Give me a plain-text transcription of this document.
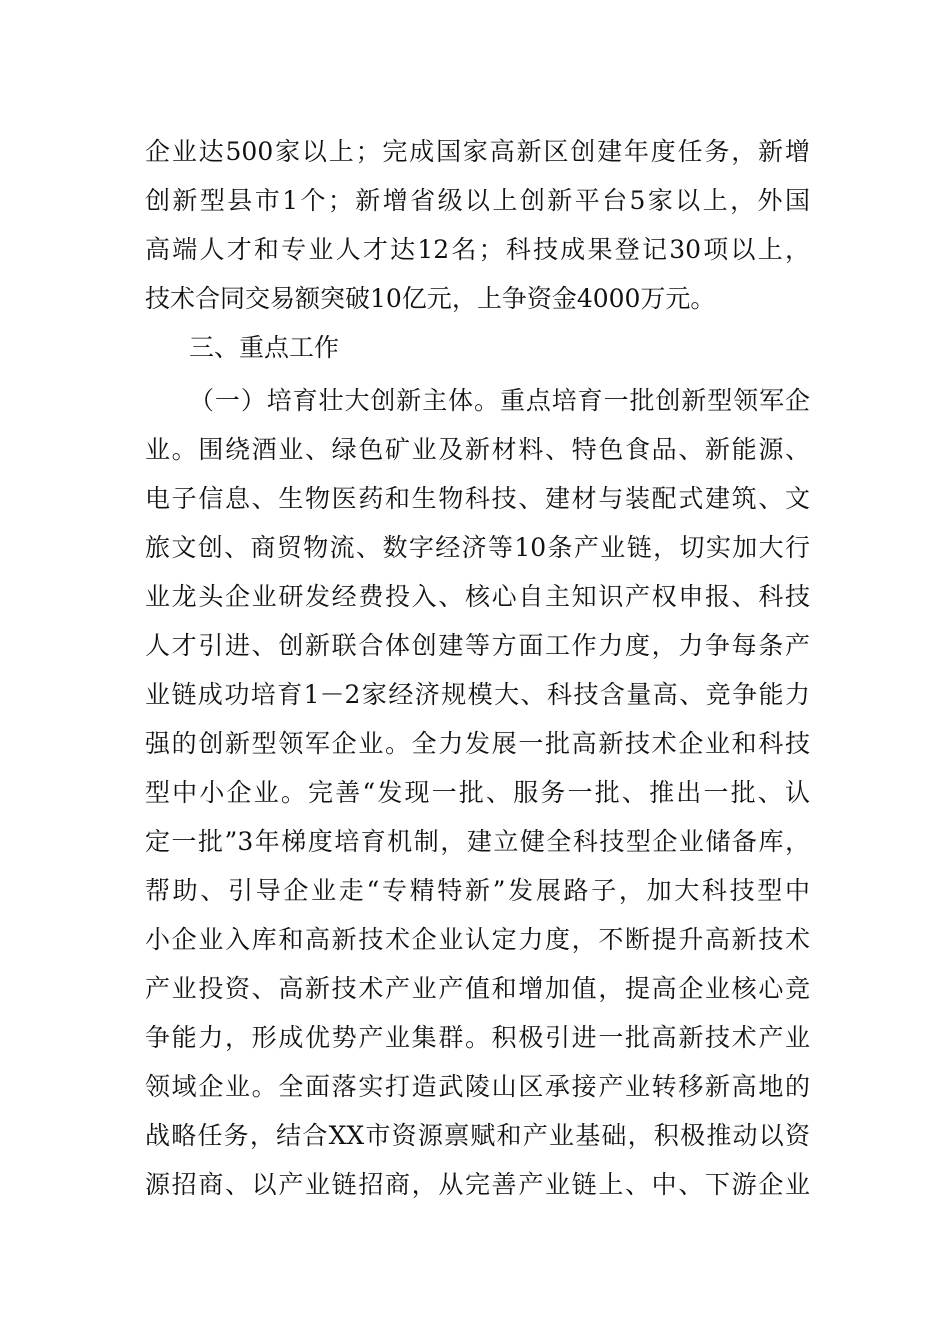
企业达500家以上；完成国家高新区创建年度任务，新增
创新型县市1个；新增省级以上创新平台5家以上，外国
高端人才和专业人才达12名；科技成果登记30项以上，
技术合同交易额突破10亿元，上争资金4000万元。
三、重点工作
（一）培育壮大创新主体。重点培育一批创新型领军企
业。围绕酒业、绿色矿业及新材料、特色食品、新能源、
电子信息、生物医药和生物科技、建材与装配式建筑、文
旅文创、商贸物流、数字经济等10条产业链，切实加大行
业龙头企业研发经费投入、核心自主知识产权申报、科技
人才引进、创新联合体创建等方面工作力度，力争每条产
业链成功培育1－2家经济规模大、科技含量高、竞争能力
强的创新型领军企业。全力发展一批高新技术企业和科技
型中小企业。完善“发现一批、服务一批、推出一批、认
定一批”3年梯度培育机制，建立健全科技型企业储备库，
帮助、引导企业走“专精特新”发展路子，加大科技型中
小企业入库和高新技术企业认定力度，不断提升高新技术
产业投资、高新技术产业产值和增加值，提高企业核心竞
争能力，形成优势产业集群。积极引进一批高新技术产业
领域企业。全面落实打造武陵山区承接产业转移新高地的
战略任务，结合XX市资源禀赋和产业基础，积极推动以资
源招商、以产业链招商，从完善产业链上、中、下游企业
